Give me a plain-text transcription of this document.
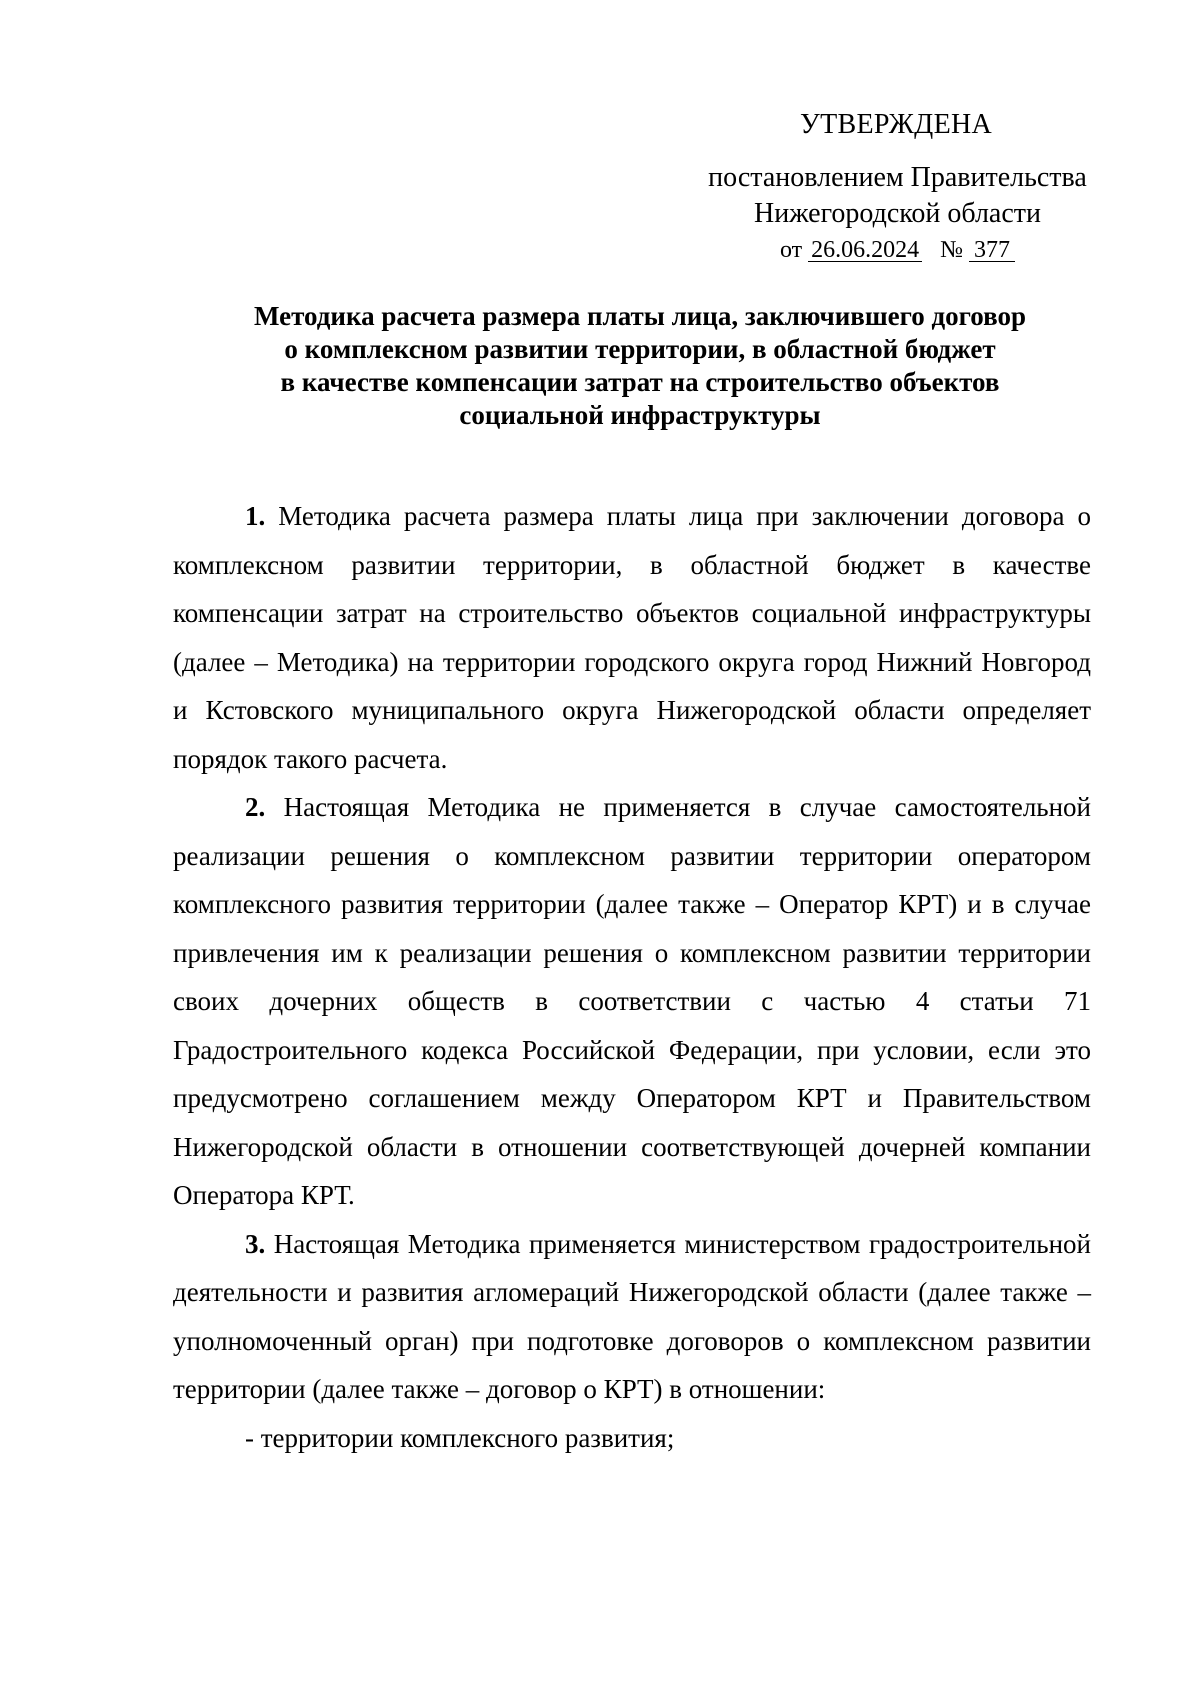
УТВЕРЖДЕНА
постановлением Правительства
Нижегородской области
от 26.06.2024 № 377
Методика расчета размера платы лица, заключившего договор
о комплексном развитии территории, в областной бюджет
в качестве компенсации затрат на строительство объектов
социальной инфраструктуры

1. Методика расчета размера платы лица при заключении договора о комплексном развитии территории, в областной бюджет в качестве компенсации затрат на строительство объектов социальной инфраструктуры (далее – Методика) на территории городского округа город Нижний Новгород и Кстовского муниципального округа Нижегородской области определяет порядок такого расчета.

2. Настоящая Методика не применяется в случае самостоятельной реализации решения о комплексном развитии территории оператором комплексного развития территории (далее также – Оператор КРТ) и в случае привлечения им к реализации решения о комплексном развитии территории своих дочерних обществ в соответствии с частью 4 статьи 71 Градостроительного кодекса Российской Федерации, при условии, если это предусмотрено соглашением между Оператором КРТ и Правительством Нижегородской области в отношении соответствующей дочерней компании Оператора КРТ.

3. Настоящая Методика применяется министерством градостроительной деятельности и развития агломераций Нижегородской области (далее также – уполномоченный орган) при подготовке договоров о комплексном развитии территории (далее также – договор о КРТ) в отношении:

- территории комплексного развития;
